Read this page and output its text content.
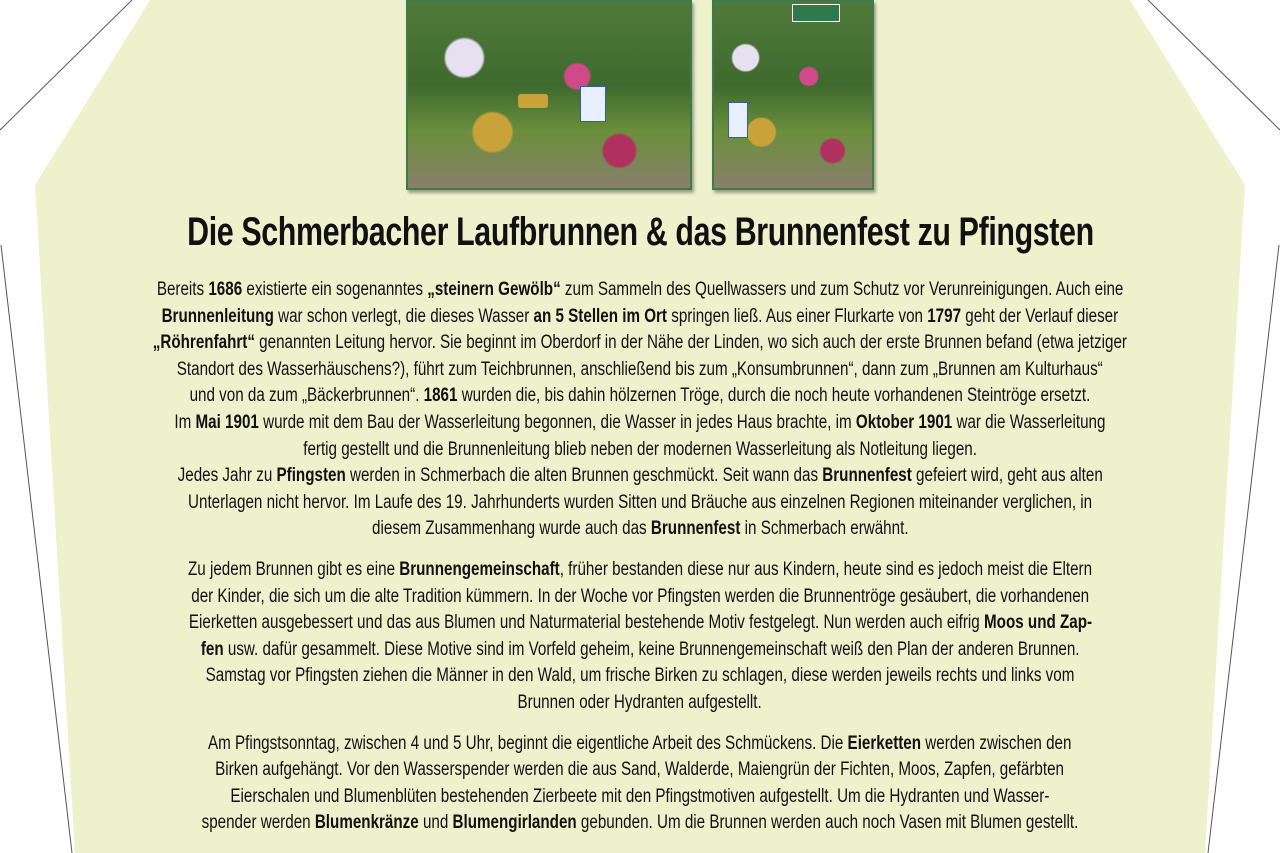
Die Schmerbacher Laufbrunnen & das Brunnenfest zu Pfingsten
Bereits 1686 existierte ein sogenanntes „steinern Gewölb“ zum Sammeln des Quellwassers und zum Schutz vor Verunreinigungen. Auch eine
Brunnenleitung war schon verlegt, die dieses Wasser an 5 Stellen im Ort springen ließ. Aus einer Flurkarte von 1797 geht der Verlauf dieser
„Röhrenfahrt“ genannten Leitung hervor. Sie beginnt im Oberdorf in der Nähe der Linden, wo sich auch der erste Brunnen befand (etwa jetziger
Standort des Wasserhäuschens?), führt zum Teichbrunnen, anschließend bis zum „Konsumbrunnen“, dann zum „Brunnen am Kulturhaus“
und von da zum „Bäckerbrunnen“. 1861 wurden die, bis dahin hölzernen Tröge, durch die noch heute vorhandenen Steintröge ersetzt.
Im Mai 1901 wurde mit dem Bau der Wasserleitung begonnen, die Wasser in jedes Haus brachte, im Oktober 1901 war die Wasserleitung
fertig gestellt und die Brunnenleitung blieb neben der modernen Wasserleitung als Notleitung liegen.
Jedes Jahr zu Pfingsten werden in Schmerbach die alten Brunnen geschmückt. Seit wann das Brunnenfest gefeiert wird, geht aus alten
Unterlagen nicht hervor. Im Laufe des 19. Jahrhunderts wurden Sitten und Bräuche aus einzelnen Regionen miteinander verglichen, in
diesem Zusammenhang wurde auch das Brunnenfest in Schmerbach erwähnt.
Zu jedem Brunnen gibt es eine Brunnengemeinschaft, früher bestanden diese nur aus Kindern, heute sind es jedoch meist die Eltern
der Kinder, die sich um die alte Tradition kümmern. In der Woche vor Pfingsten werden die Brunnentröge gesäubert, die vorhandenen
Eierketten ausgebessert und das aus Blumen und Naturmaterial bestehende Motiv festgelegt. Nun werden auch eifrig Moos und Zap-
fen usw. dafür gesammelt. Diese Motive sind im Vorfeld geheim, keine Brunnengemeinschaft weiß den Plan der anderen Brunnen.
Samstag vor Pfingsten ziehen die Männer in den Wald, um frische Birken zu schlagen, diese werden jeweils rechts und links vom
Brunnen oder Hydranten aufgestellt.
Am Pfingstsonntag, zwischen 4 und 5 Uhr, beginnt die eigentliche Arbeit des Schmückens. Die Eierketten werden zwischen den
Birken aufgehängt. Vor den Wasserspender werden die aus Sand, Walderde, Maiengrün der Fichten, Moos, Zapfen, gefärbten
Eierschalen und Blumenblüten bestehenden Zierbeete mit den Pfingstmotiven aufgestellt. Um die Hydranten und Wasser-
spender werden Blumenkränze und Blumengirlanden gebunden. Um die Brunnen werden auch noch Vasen mit Blumen gestellt.
